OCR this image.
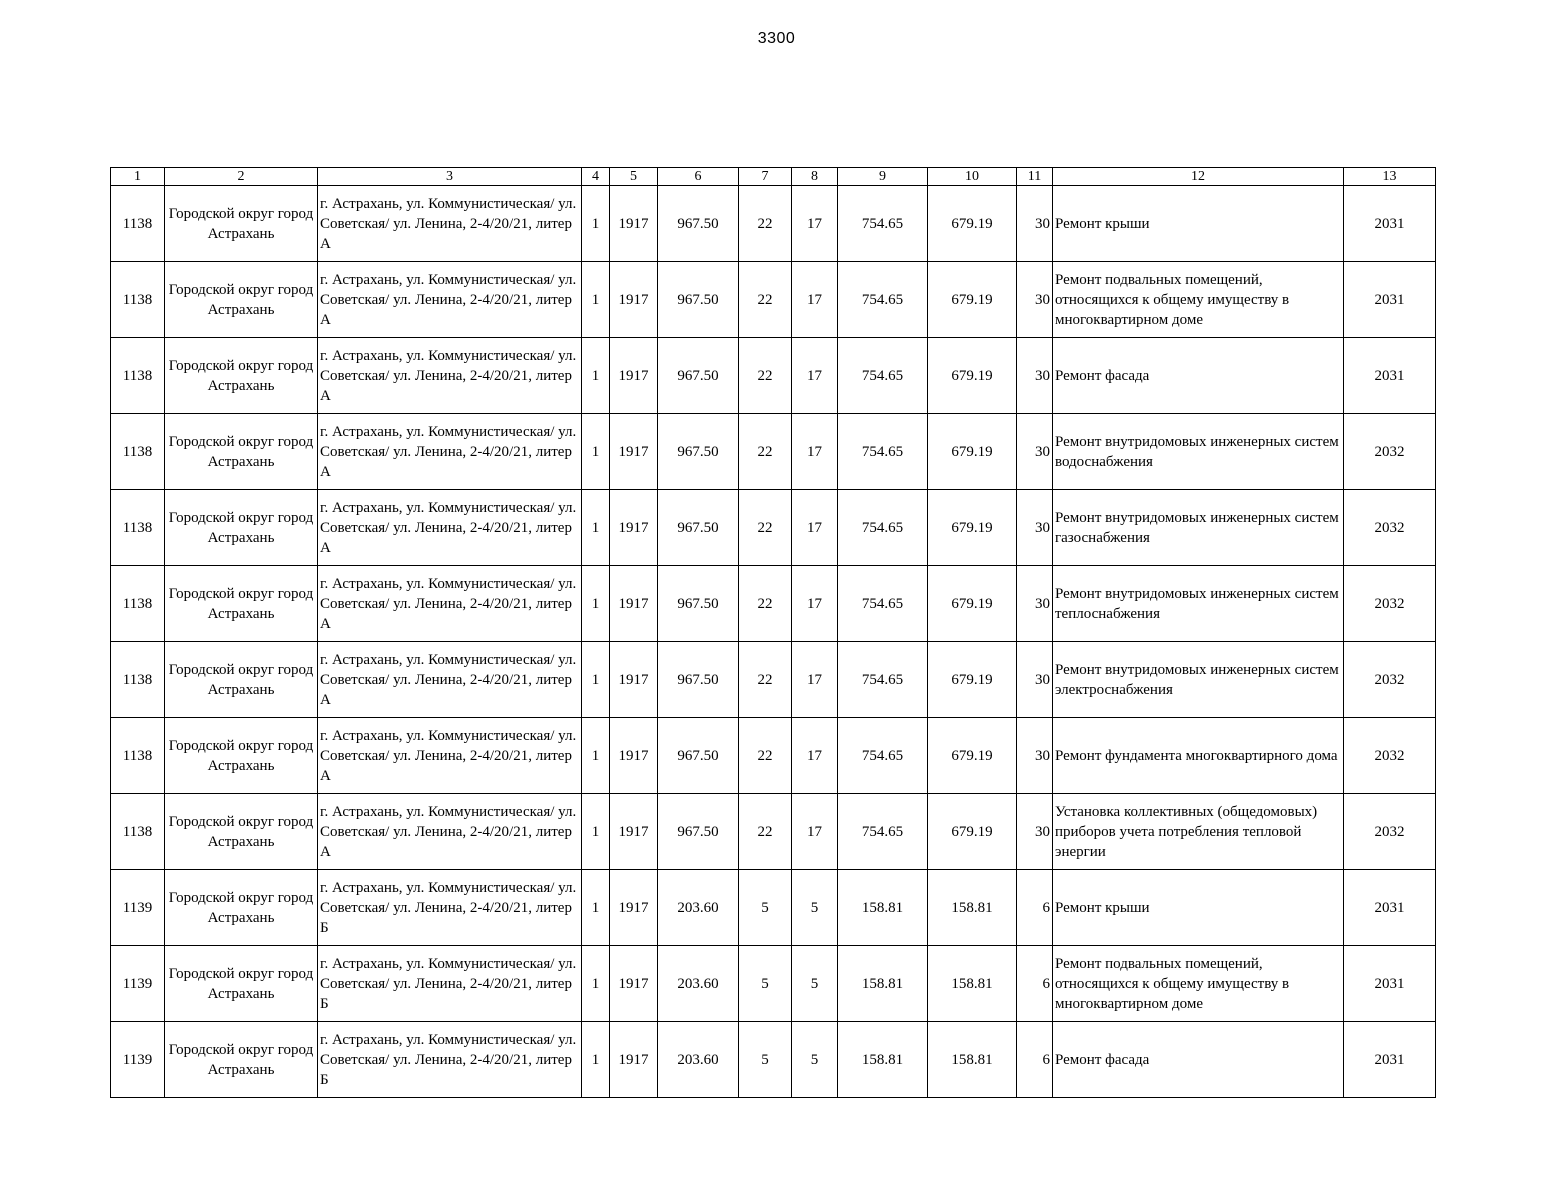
3300
1	2	3	4	5	6	7	8	9	10	11	12	13
1138	Городской округ город Астрахань	г. Астрахань, ул. Коммунистическая/ ул. Советская/ ул. Ленина, 2-4/20/21, литер А	1	1917	967.50	22	17	754.65	679.19	30	Ремонт крыши	2031
1138	Городской округ город Астрахань	г. Астрахань, ул. Коммунистическая/ ул. Советская/ ул. Ленина, 2-4/20/21, литер А	1	1917	967.50	22	17	754.65	679.19	30	Ремонт подвальных помещений, относящихся к общему имуществу в многоквартирном доме	2031
1138	Городской округ город Астрахань	г. Астрахань, ул. Коммунистическая/ ул. Советская/ ул. Ленина, 2-4/20/21, литер А	1	1917	967.50	22	17	754.65	679.19	30	Ремонт фасада	2031
1138	Городской округ город Астрахань	г. Астрахань, ул. Коммунистическая/ ул. Советская/ ул. Ленина, 2-4/20/21, литер А	1	1917	967.50	22	17	754.65	679.19	30	Ремонт внутридомовых инженерных систем водоснабжения	2032
1138	Городской округ город Астрахань	г. Астрахань, ул. Коммунистическая/ ул. Советская/ ул. Ленина, 2-4/20/21, литер А	1	1917	967.50	22	17	754.65	679.19	30	Ремонт внутридомовых инженерных систем газоснабжения	2032
1138	Городской округ город Астрахань	г. Астрахань, ул. Коммунистическая/ ул. Советская/ ул. Ленина, 2-4/20/21, литер А	1	1917	967.50	22	17	754.65	679.19	30	Ремонт внутридомовых инженерных систем теплоснабжения	2032
1138	Городской округ город Астрахань	г. Астрахань, ул. Коммунистическая/ ул. Советская/ ул. Ленина, 2-4/20/21, литер А	1	1917	967.50	22	17	754.65	679.19	30	Ремонт внутридомовых инженерных систем электроснабжения	2032
1138	Городской округ город Астрахань	г. Астрахань, ул. Коммунистическая/ ул. Советская/ ул. Ленина, 2-4/20/21, литер А	1	1917	967.50	22	17	754.65	679.19	30	Ремонт фундамента многоквартирного дома	2032
1138	Городской округ город Астрахань	г. Астрахань, ул. Коммунистическая/ ул. Советская/ ул. Ленина, 2-4/20/21, литер А	1	1917	967.50	22	17	754.65	679.19	30	Установка коллективных (общедомовых) приборов учета потребления тепловой энергии	2032
1139	Городской округ город Астрахань	г. Астрахань, ул. Коммунистическая/ ул. Советская/ ул. Ленина, 2-4/20/21, литер Б	1	1917	203.60	5	5	158.81	158.81	6	Ремонт крыши	2031
1139	Городской округ город Астрахань	г. Астрахань, ул. Коммунистическая/ ул. Советская/ ул. Ленина, 2-4/20/21, литер Б	1	1917	203.60	5	5	158.81	158.81	6	Ремонт подвальных помещений, относящихся к общему имуществу в многоквартирном доме	2031
1139	Городской округ город Астрахань	г. Астрахань, ул. Коммунистическая/ ул. Советская/ ул. Ленина, 2-4/20/21, литер Б	1	1917	203.60	5	5	158.81	158.81	6	Ремонт фасада	2031
